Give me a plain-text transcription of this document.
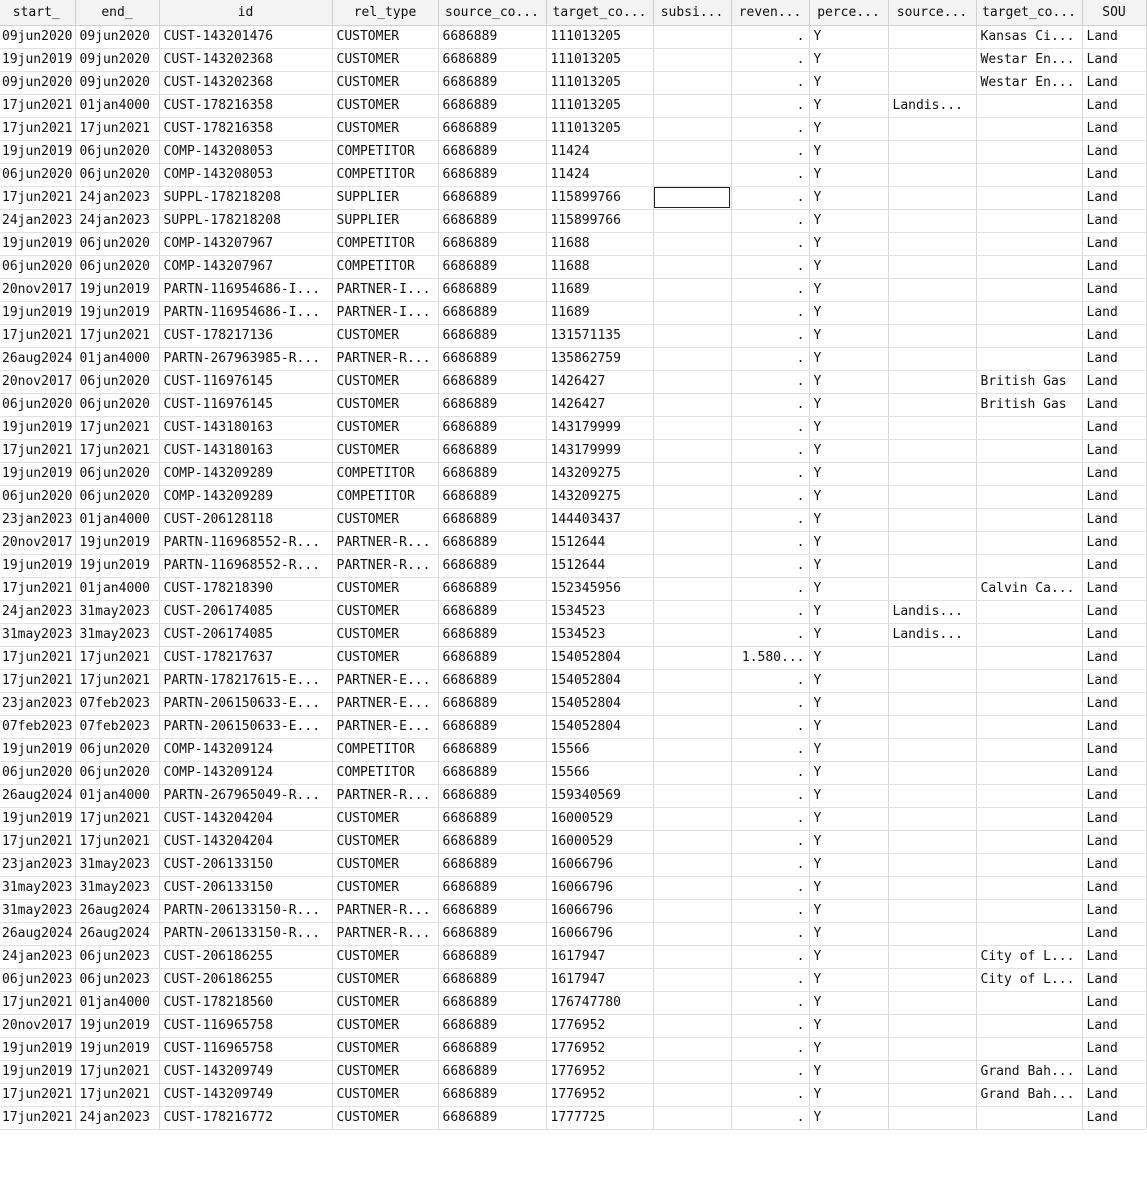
start_	end_	id	rel_type	source_co...	target_co...	subsi...	reven...	perce...	source...	target_co...	SOU
09jun2020	09jun2020	CUST-143201476	CUSTOMER	6686889	111013205		.	Y		Kansas Ci...	Land
19jun2019	09jun2020	CUST-143202368	CUSTOMER	6686889	111013205		.	Y		Westar En...	Land
09jun2020	09jun2020	CUST-143202368	CUSTOMER	6686889	111013205		.	Y		Westar En...	Land
17jun2021	01jan4000	CUST-178216358	CUSTOMER	6686889	111013205		.	Y	Landis...		Land
17jun2021	17jun2021	CUST-178216358	CUSTOMER	6686889	111013205		.	Y			Land
19jun2019	06jun2020	COMP-143208053	COMPETITOR	6686889	11424		.	Y			Land
06jun2020	06jun2020	COMP-143208053	COMPETITOR	6686889	11424		.	Y			Land
17jun2021	24jan2023	SUPPL-178218208	SUPPLIER	6686889	115899766		.	Y			Land
24jan2023	24jan2023	SUPPL-178218208	SUPPLIER	6686889	115899766		.	Y			Land
19jun2019	06jun2020	COMP-143207967	COMPETITOR	6686889	11688		.	Y			Land
06jun2020	06jun2020	COMP-143207967	COMPETITOR	6686889	11688		.	Y			Land
20nov2017	19jun2019	PARTN-116954686-I...	PARTNER-I...	6686889	11689		.	Y			Land
19jun2019	19jun2019	PARTN-116954686-I...	PARTNER-I...	6686889	11689		.	Y			Land
17jun2021	17jun2021	CUST-178217136	CUSTOMER	6686889	131571135		.	Y			Land
26aug2024	01jan4000	PARTN-267963985-R...	PARTNER-R...	6686889	135862759		.	Y			Land
20nov2017	06jun2020	CUST-116976145	CUSTOMER	6686889	1426427		.	Y		British Gas	Land
06jun2020	06jun2020	CUST-116976145	CUSTOMER	6686889	1426427		.	Y		British Gas	Land
19jun2019	17jun2021	CUST-143180163	CUSTOMER	6686889	143179999		.	Y			Land
17jun2021	17jun2021	CUST-143180163	CUSTOMER	6686889	143179999		.	Y			Land
19jun2019	06jun2020	COMP-143209289	COMPETITOR	6686889	143209275		.	Y			Land
06jun2020	06jun2020	COMP-143209289	COMPETITOR	6686889	143209275		.	Y			Land
23jan2023	01jan4000	CUST-206128118	CUSTOMER	6686889	144403437		.	Y			Land
20nov2017	19jun2019	PARTN-116968552-R...	PARTNER-R...	6686889	1512644		.	Y			Land
19jun2019	19jun2019	PARTN-116968552-R...	PARTNER-R...	6686889	1512644		.	Y			Land
17jun2021	01jan4000	CUST-178218390	CUSTOMER	6686889	152345956		.	Y		Calvin Ca...	Land
24jan2023	31may2023	CUST-206174085	CUSTOMER	6686889	1534523		.	Y	Landis...		Land
31may2023	31may2023	CUST-206174085	CUSTOMER	6686889	1534523		.	Y	Landis...		Land
17jun2021	17jun2021	CUST-178217637	CUSTOMER	6686889	154052804		1.580...	Y			Land
17jun2021	17jun2021	PARTN-178217615-E...	PARTNER-E...	6686889	154052804		.	Y			Land
23jan2023	07feb2023	PARTN-206150633-E...	PARTNER-E...	6686889	154052804		.	Y			Land
07feb2023	07feb2023	PARTN-206150633-E...	PARTNER-E...	6686889	154052804		.	Y			Land
19jun2019	06jun2020	COMP-143209124	COMPETITOR	6686889	15566		.	Y			Land
06jun2020	06jun2020	COMP-143209124	COMPETITOR	6686889	15566		.	Y			Land
26aug2024	01jan4000	PARTN-267965049-R...	PARTNER-R...	6686889	159340569		.	Y			Land
19jun2019	17jun2021	CUST-143204204	CUSTOMER	6686889	16000529		.	Y			Land
17jun2021	17jun2021	CUST-143204204	CUSTOMER	6686889	16000529		.	Y			Land
23jan2023	31may2023	CUST-206133150	CUSTOMER	6686889	16066796		.	Y			Land
31may2023	31may2023	CUST-206133150	CUSTOMER	6686889	16066796		.	Y			Land
31may2023	26aug2024	PARTN-206133150-R...	PARTNER-R...	6686889	16066796		.	Y			Land
26aug2024	26aug2024	PARTN-206133150-R...	PARTNER-R...	6686889	16066796		.	Y			Land
24jan2023	06jun2023	CUST-206186255	CUSTOMER	6686889	1617947		.	Y		City of L...	Land
06jun2023	06jun2023	CUST-206186255	CUSTOMER	6686889	1617947		.	Y		City of L...	Land
17jun2021	01jan4000	CUST-178218560	CUSTOMER	6686889	176747780		.	Y			Land
20nov2017	19jun2019	CUST-116965758	CUSTOMER	6686889	1776952		.	Y			Land
19jun2019	19jun2019	CUST-116965758	CUSTOMER	6686889	1776952		.	Y			Land
19jun2019	17jun2021	CUST-143209749	CUSTOMER	6686889	1776952		.	Y		Grand Bah...	Land
17jun2021	17jun2021	CUST-143209749	CUSTOMER	6686889	1776952		.	Y		Grand Bah...	Land
17jun2021	24jan2023	CUST-178216772	CUSTOMER	6686889	1777725		.	Y			Land
